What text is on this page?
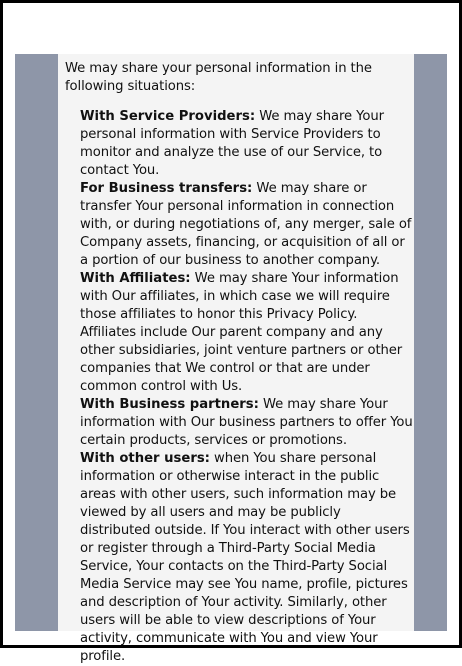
We may share your personal information in the following situations:

With Service Providers: We may share Your personal information with Service Providers to monitor and analyze the use of our Service, to contact You.
For Business transfers: We may share or transfer Your personal information in connection with, or during negotiations of, any merger, sale of Company assets, financing, or acquisition of all or a portion of our business to another company.
With Affiliates: We may share Your information with Our affiliates, in which case we will require those affiliates to honor this Privacy Policy. Affiliates include Our parent company and any other subsidiaries, joint venture partners or other companies that We control or that are under common control with Us.
With Business partners: We may share Your information with Our business partners to offer You certain products, services or promotions.
With other users: when You share personal information or otherwise interact in the public areas with other users, such information may be viewed by all users and may be publicly distributed outside. If You interact with other users or register through a Third-Party Social Media Service, Your contacts on the Third-Party Social Media Service may see You name, profile, pictures and description of Your activity. Similarly, other users will be able to view descriptions of Your activity, communicate with You and view Your profile.
